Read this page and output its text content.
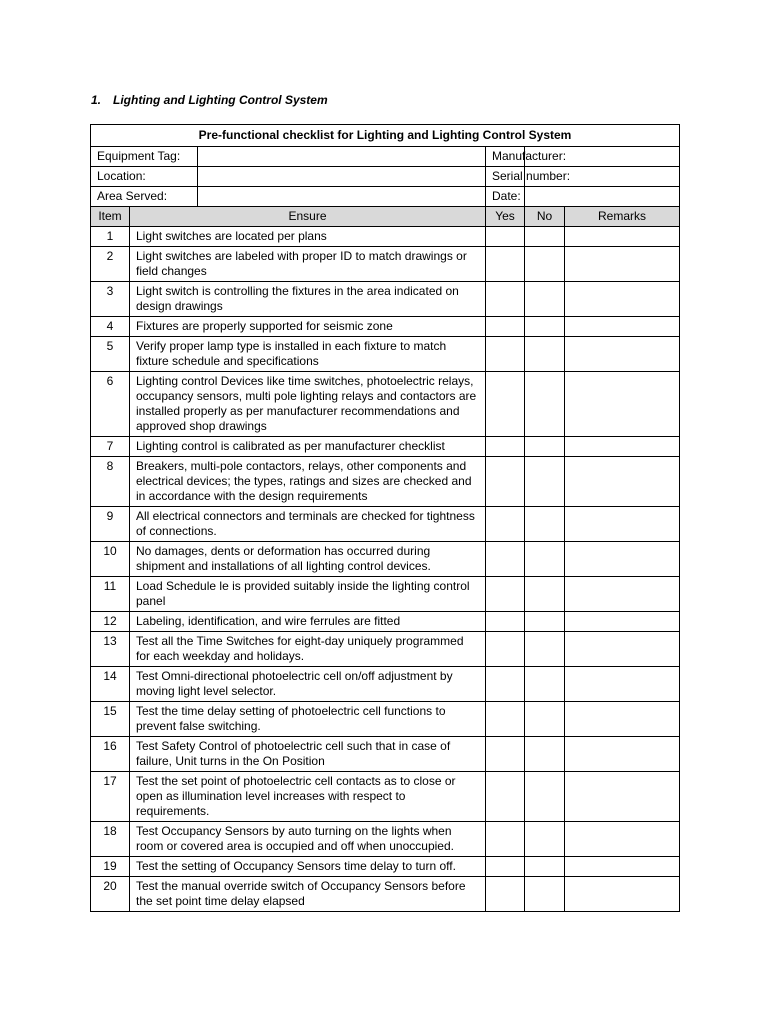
1. Lighting and Lighting Control System
Pre-functional checklist for Lighting and Lighting Control System					
Equipment Tag:			Manufacturer:		
Location:			Serial number:		
Area Served:			Date:		
Item	Ensure		Yes	No	Remarks
1	Light switches are located per plans				
2	Light switches are labeled with proper ID to match drawings or field changes				
3	Light switch is controlling the fixtures in the area indicated on design drawings				
4	Fixtures are properly supported for seismic zone				
5	Verify proper lamp type is installed in each fixture to match fixture schedule and specifications				
6	Lighting control Devices like time switches, photoelectric relays, occupancy sensors, multi pole lighting relays and contactors are installed properly as per manufacturer recommendations and approved shop drawings				
7	Lighting control is calibrated as per manufacturer checklist				
8	Breakers, multi-pole contactors, relays, other components and electrical devices; the types, ratings and sizes are checked and in accordance with the design requirements				
9	All electrical connectors and terminals are checked for tightness of connections.				
10	No damages, dents or deformation has occurred during shipment and installations of all lighting control devices.				
11	Load Schedule le is provided suitably inside the lighting control panel				
12	Labeling, identification, and wire ferrules are fitted				
13	Test all the Time Switches for eight-day uniquely programmed for each weekday and holidays.				
14	Test Omni-directional photoelectric cell on/off adjustment by moving light level selector.				
15	Test the time delay setting of photoelectric cell functions to prevent false switching.				
16	Test Safety Control of photoelectric cell such that in case of failure, Unit turns in the On Position				
17	Test the set point of photoelectric cell contacts as to close or open as illumination level increases with respect to requirements.				
18	Test Occupancy Sensors by auto turning on the lights when room or covered area is occupied and off when unoccupied.				
19	Test the setting of Occupancy Sensors time delay to turn off.				
20	Test the manual override switch of Occupancy Sensors before the set point time delay elapsed				
